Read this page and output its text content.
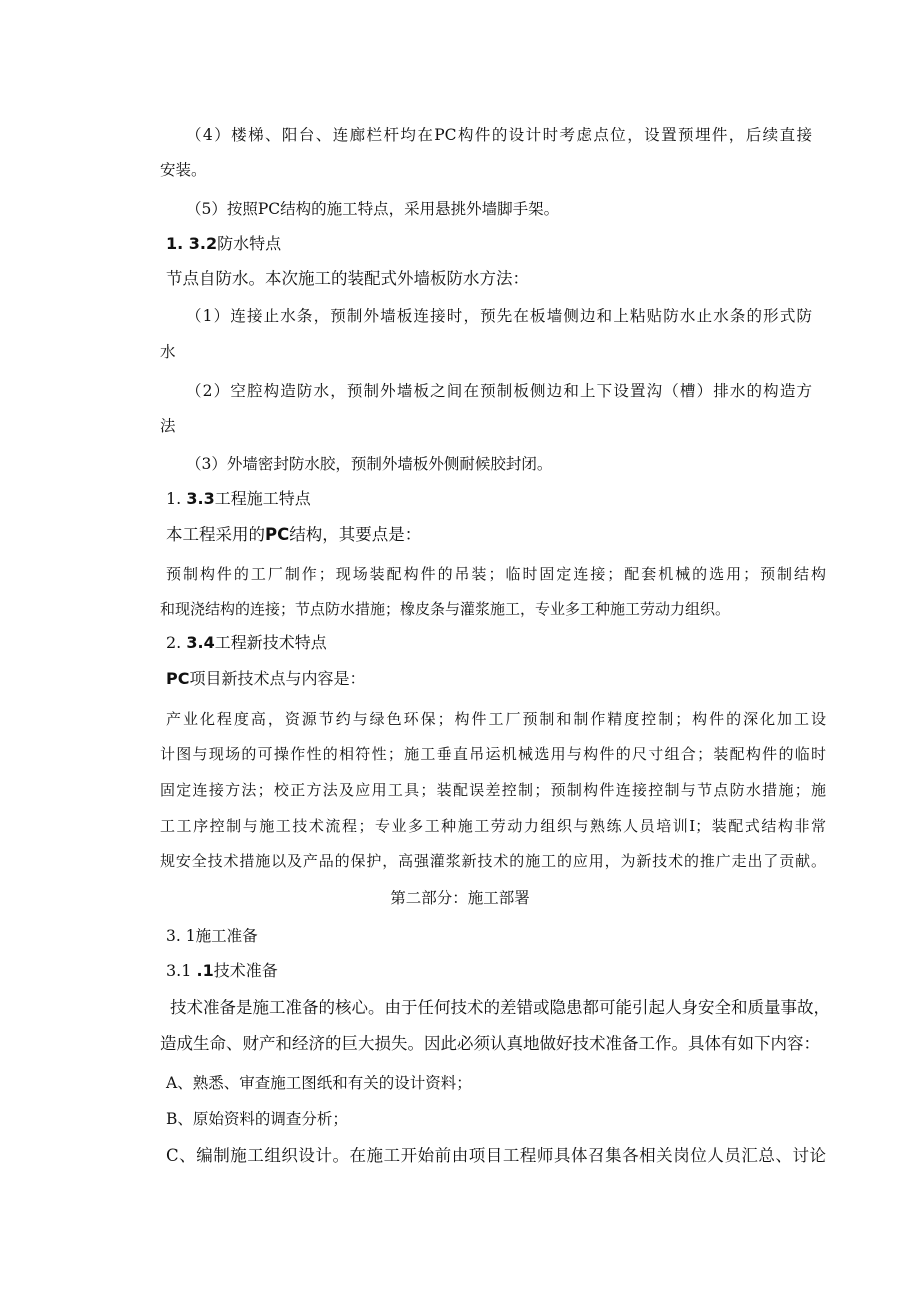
（4）楼梯、阳台、连廊栏杆均在PC构件的设计时考虑点位，设置预埋件，后续直接
安装。
（5）按照PC结构的施工特点，采用悬挑外墙脚手架。
1. 3.2防水特点
节点自防水。本次施工的装配式外墙板防水方法：
（1）连接止水条，预制外墙板连接时，预先在板墙侧边和上粘贴防水止水条的形式防
水
（2）空腔构造防水，预制外墙板之间在预制板侧边和上下设置沟（槽）排水的构造方
法
（3）外墙密封防水胶，预制外墙板外侧耐候胶封闭。
1. 3.3工程施工特点
本工程采用的PC结构，其要点是：
预制构件的工厂制作；现场装配构件的吊装；临时固定连接；配套机械的选用；预制结构
和现浇结构的连接；节点防水措施；橡皮条与灌浆施工，专业多工种施工劳动力组织。
2. 3.4工程新技术特点
PC项目新技术点与内容是：
产业化程度高，资源节约与绿色环保；构件工厂预制和制作精度控制；构件的深化加工设
计图与现场的可操作性的相符性；施工垂直吊运机械选用与构件的尺寸组合；装配构件的临时
固定连接方法；校正方法及应用工具；装配误差控制；预制构件连接控制与节点防水措施；施
工工序控制与施工技术流程；专业多工种施工劳动力组织与熟练人员培训I；装配式结构非常
规安全技术措施以及产品的保护，高强灌浆新技术的施工的应用，为新技术的推广走出了贡献。
第二部分：施工部署
3. 1施工准备
3.1 .1技术准备
技术准备是施工准备的核心。由于任何技术的差错或隐患都可能引起人身安全和质量事故，
造成生命、财产和经济的巨大损失。因此必须认真地做好技术准备工作。具体有如下内容：
A、熟悉、审查施工图纸和有关的设计资料；
B、原始资料的调查分析；
C、编制施工组织设计。在施工开始前由项目工程师具体召集各相关岗位人员汇总、讨论
